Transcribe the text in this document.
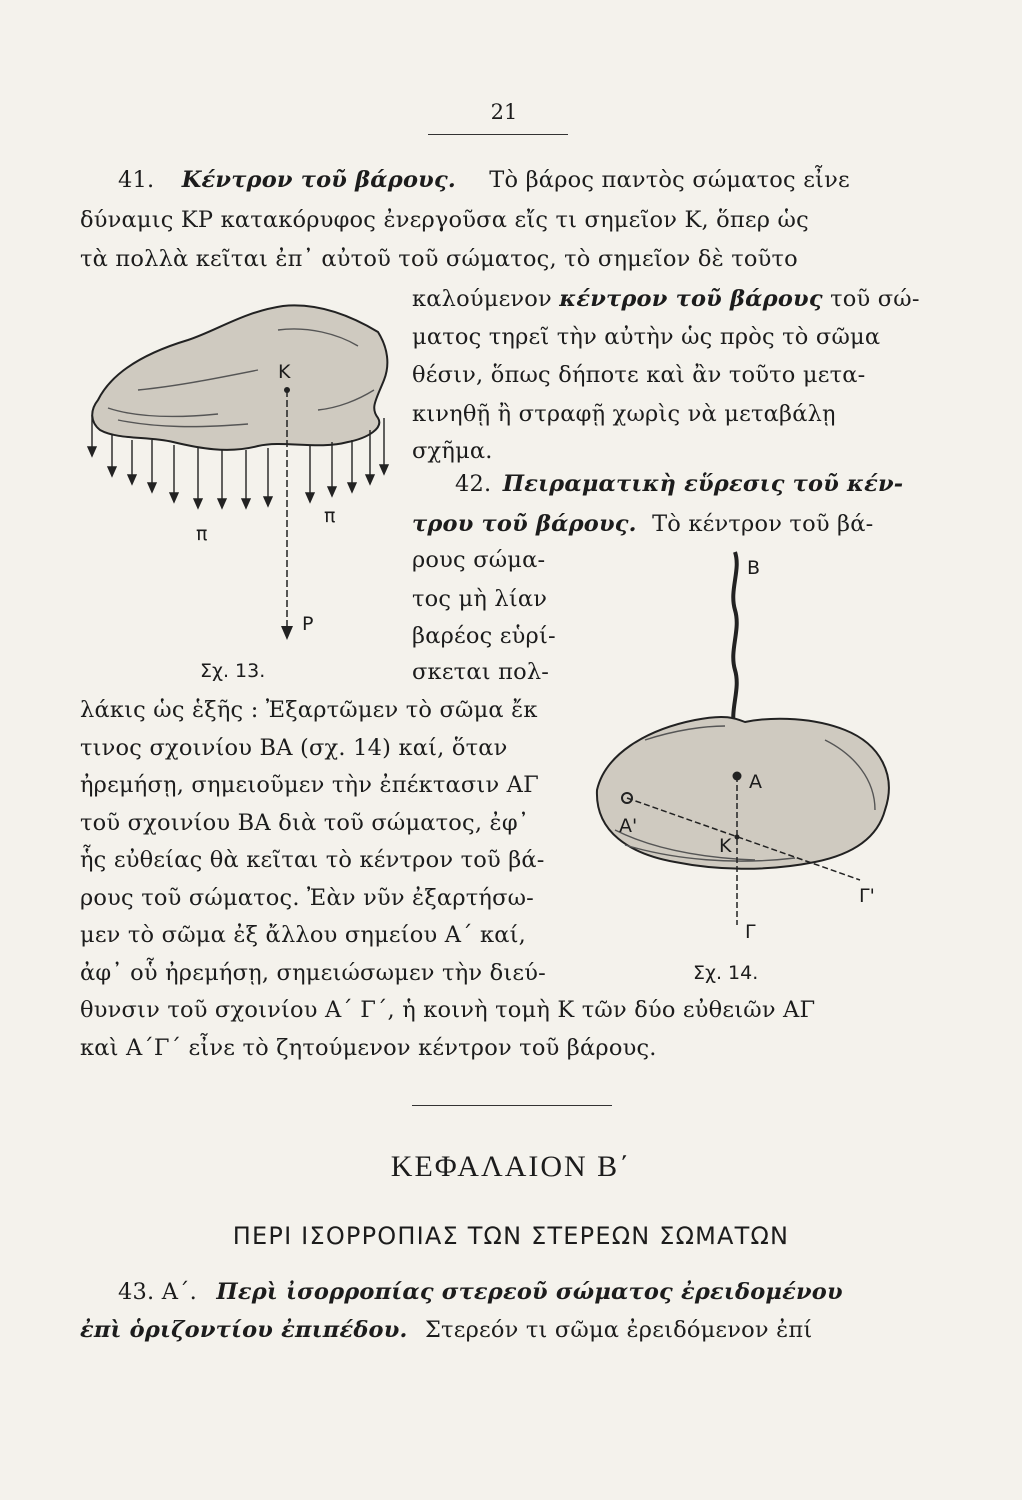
21
41. Κέντρον τοῦ βάρους. Τὸ βάρος παντὸς σώματος εἶνε
δύναμις ΚΡ κατακόρυφος ἐνεργοῦσα εἴς τι σημεῖον Κ, ὅπερ ὡς
τὰ πολλὰ κεῖται ἐπ᾽ αὐτοῦ τοῦ σώματος, τὸ σημεῖον δὲ τοῦτο
καλούμενον κέντρον τοῦ βάρους τοῦ σώ-
ματος τηρεῖ τὴν αὐτὴν ὡς πρὸς τὸ σῶμα
θέσιν, ὅπως δήποτε καὶ ἂν τοῦτο μετα-
κινηθῇ ἢ στραφῇ χωρὶς νὰ μεταβάλῃ
σχῆμα.
42. Πειραματικὴ εὕρεσις τοῦ κέν-
τρου τοῦ βάρους. Τὸ κέντρον τοῦ βά-
ρους σώμα-
τος μὴ λίαν
βαρέος εὑρί-
σκεται πολ-
λάκις ὡς ἑξῆς : Ἐξαρτῶμεν τὸ σῶμα ἔκ
τινος σχοινίου ΒΑ (σχ. 14) καί, ὅταν
ἠρεμήσῃ, σημειοῦμεν τὴν ἐπέκτασιν ΑΓ
τοῦ σχοινίου ΒΑ διὰ τοῦ σώματος, ἐφ᾽
ἧς εὐθείας θὰ κεῖται τὸ κέντρον τοῦ βά-
ρους τοῦ σώματος. Ἐὰν νῦν ἐξαρτήσω-
μεν τὸ σῶμα ἐξ ἄλλου σημείου Α΄ καί,
ἀφ᾽ οὗ ἠρεμήσῃ, σημειώσωμεν τὴν διεύ-
θυνσιν τοῦ σχοινίου Α΄ Γ΄, ἡ κοινὴ τομὴ Κ τῶν δύο εὐθειῶν ΑΓ
καὶ Α΄Γ΄ εἶνε τὸ ζητούμενον κέντρον τοῦ βάρους.
K
P
π
π
Σχ. 13.
B
A
A'
K
Γ'
Γ
Σχ. 14.
ΚΕΦΑΛΑΙΟΝ Β΄
ΠΕΡΙ ΙΣΟΡΡΟΠΙΑΣ ΤΩΝ ΣΤΕΡΕΩΝ ΣΩΜΑΤΩΝ
43. Α΄. Περὶ ἰσορροπίας στερεοῦ σώματος ἐρειδομένου
ἐπὶ ὁριζοντίου ἐπιπέδου. Στερεόν τι σῶμα ἐρειδόμενον ἐπί
